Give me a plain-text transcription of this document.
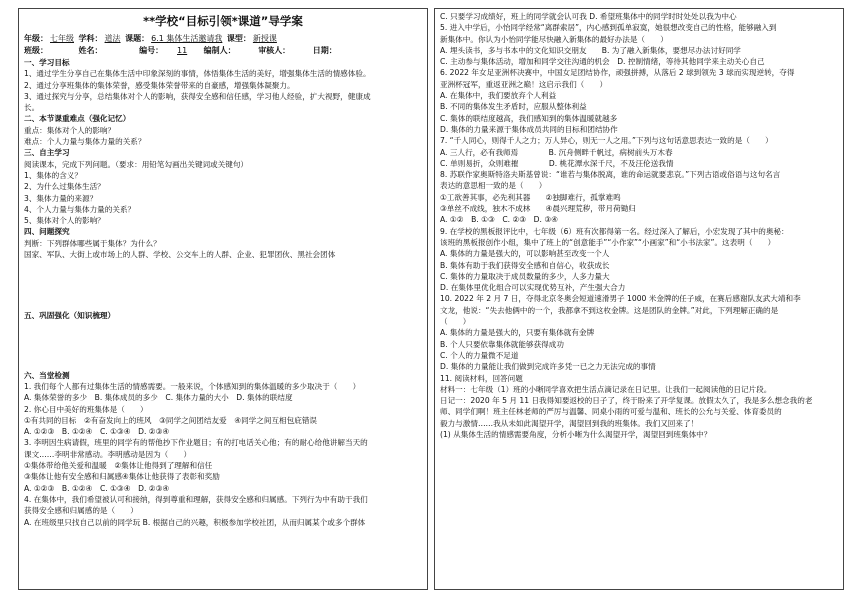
**学校“目标引领*课道”导学案
年级： 七年级 学科： 道法 课题： 6.1 集体生活邀请我 课型： 新授课
班级：	姓名：	编号： 11 编制人：	审核人：	日期：
一、学习目标
1、通过学生分享自己在集体生活中印象深刻的事情，体悟集体生活的美好，增强集体生活的情感体验。
2、通过分享班集体的集体荣誉，感受集体荣誉带来的自豪感，增强集体凝聚力。
3、通过探究与分享，总结集体对个人的影响，获得安全感和信任感，学习他人经验，扩大视野，健康成
长。
二、本节课重难点（强化记忆）
重点：集体对个人的影响？
难点：个人力量与集体力量的关系？
三、自主学习
阅读课本，完成下列问题。（要求：用铅笔勾画出关键词或关键句）
1、集体的含义？
2、为什么过集体生活？
3、集体力量的来源？
4、个人力量与集体力量的关系？
5、集体对个人的影响？
四、问题探究
判断：下列群体哪些属于集体？为什么？
国家、军队、大街上或市场上的人群、学校、公交车上的人群、企业、犯罪团伙、黑社会团体
五、巩固强化（知识梳理）
六、当堂检测
1. 我们每个人都有过集体生活的情感需要。一般来说，个体感知到的集体温暖的多少取决于（　　）
A. 集体荣誉的多少　B. 集体成员的多少　C. 集体力量的大小　D. 集体的联结度
2. 你心目中美好的班集体是（　　）
①有共同的目标　②有奋发向上的班风　③同学之间团结友爱　④同学之间互相包庇错误
A. ①②③　B. ①②④　C. ①③④　D. ②③④
3. 李明因生病请假，班里的同学有的帮他抄下作业题目；有的打电话关心他；有的耐心给他讲解当天的
课文……李明非常感动。李明感动是因为（　　）
①集体带给他关爱和温暖　②集体让他得到了理解和信任
③集体让他有安全感和归属感④集体让他获得了表彰和奖励
A. ①②③　B. ①②④　C. ①③④　D. ②③④
4. 在集体中，我们希望被认可和接纳，得到尊重和理解，获得安全感和归属感。下列行为中有助于我们
获得安全感和归属感的是（　　）
A. 在班级里只找自己以前的同学玩 B. 根据自己的兴趣，积极参加学校社团，从而归属某个或多个群体
C. 只要学习成绩好，班上的同学就会认可我 D. 希望班集体中的同学时时处处以我为中心
5. 进入中学后，小怡同学经常“离群索居”，内心感到孤单寂寞，她很想改变自己的性格，能够融入到
新集体中。你认为小怡同学能尽快融入新集体的最好办法是（　　）
A. 埋头读书，多与书本中的文化知识交朋友　　B. 为了融入新集体，要想尽办法讨好同学
C. 主动参与集体活动，增加和同学交往沟通的机会　D. 控制情绪，等待其他同学来主动关心自己
6. 2022 年女足亚洲杯决赛中，中国女足团结协作，顽强拼搏，从落后 2 球到领先 3 球而实现逆转，夺得
亚洲杯冠军，重返亚洲之巅！这启示我们（　　）
A. 在集体中，我们要放弃个人利益
B. 不同的集体发生矛盾时，应服从整体利益
C. 集体的联结度越高，我们感知到的集体温暖就越多
D. 集体的力量来源于集体成员共同的目标和团结协作
7. “千人同心，则得千人之力；万人异心，则无一人之用。”下列与这句话意思表达一致的是（　　）
A. 三人行，必有我师焉　　　　B. 沉舟侧畔千帆过，病树前头万木春
C. 单则易折，众则难摧　　　　D. 桃花潭水深千尺，不及汪伦送我情
8. 苏联作家奥斯特洛夫斯基曾说：“谁若与集体脱离，谁的命运就要悲哀。”下列古语或俗语与这句名言
表达的意思相一致的是（　　）
①工欲善其事，必先利其器　　②独脚难行，孤掌难鸣
③单丝不成线，独木不成林　　④晨兴理荒秽，带月荷锄归
A. ①②　B. ①③　C. ②③　D. ③④
9. 在学校的黑板报评比中，七年级（6）班有次都得第一名。经过深入了解后，小宏发现了其中的奥秘：
该班的黑板报创作小组，集中了班上的“创意能手”“小作家”“小画家”和“小书法家”。这表明（　　）
A. 集体的力量是强大的，可以影响甚至改变一个人
B. 集体有助于我们获得安全感和自信心，收获成长
C. 集体的力量取决于成员数量的多少，人多力量大
D. 在集体里优化组合可以实现优势互补，产生强大合力
10. 2022 年 2 月 7 日，夺得北京冬奥会短道速滑男子 1000 米金牌的任子威，在赛后感谢队友武大靖和李
文龙，他说：“失去他俩中的一个，我都拿不到这枚金牌。这是团队的金牌。”对此，下列理解正确的是
（　　）
A. 集体的力量是强大的，只要有集体就有金牌
B. 个人只要依靠集体就能够获得成功
C. 个人的力量微不足道
D. 集体的力量能让我们做到完成许多凭一已之力无法完成的事情
11. 阅读材料，回答问题
材料一：七年级（1）班的小晰同学喜欢把生活点滴记录在日记里。让我们一起阅读他的日记片段。
日记一：2020 年 5 月 11 日我得知要返校的日子了，终于盼来了开学复课。放假太久了，我是多么想念我的老
师、同学们啊！班主任林老师的严厉与温馨、同桌小雨的可爱与温和、班长的公允与关爱、体育委员的
毅力与激情……我从未如此渴望开学，渴望回到我的班集体。我们又回来了！
(1) 从集体生活的情感需要角度，分析小晰为什么渴望开学，渴望回到班集体中？
